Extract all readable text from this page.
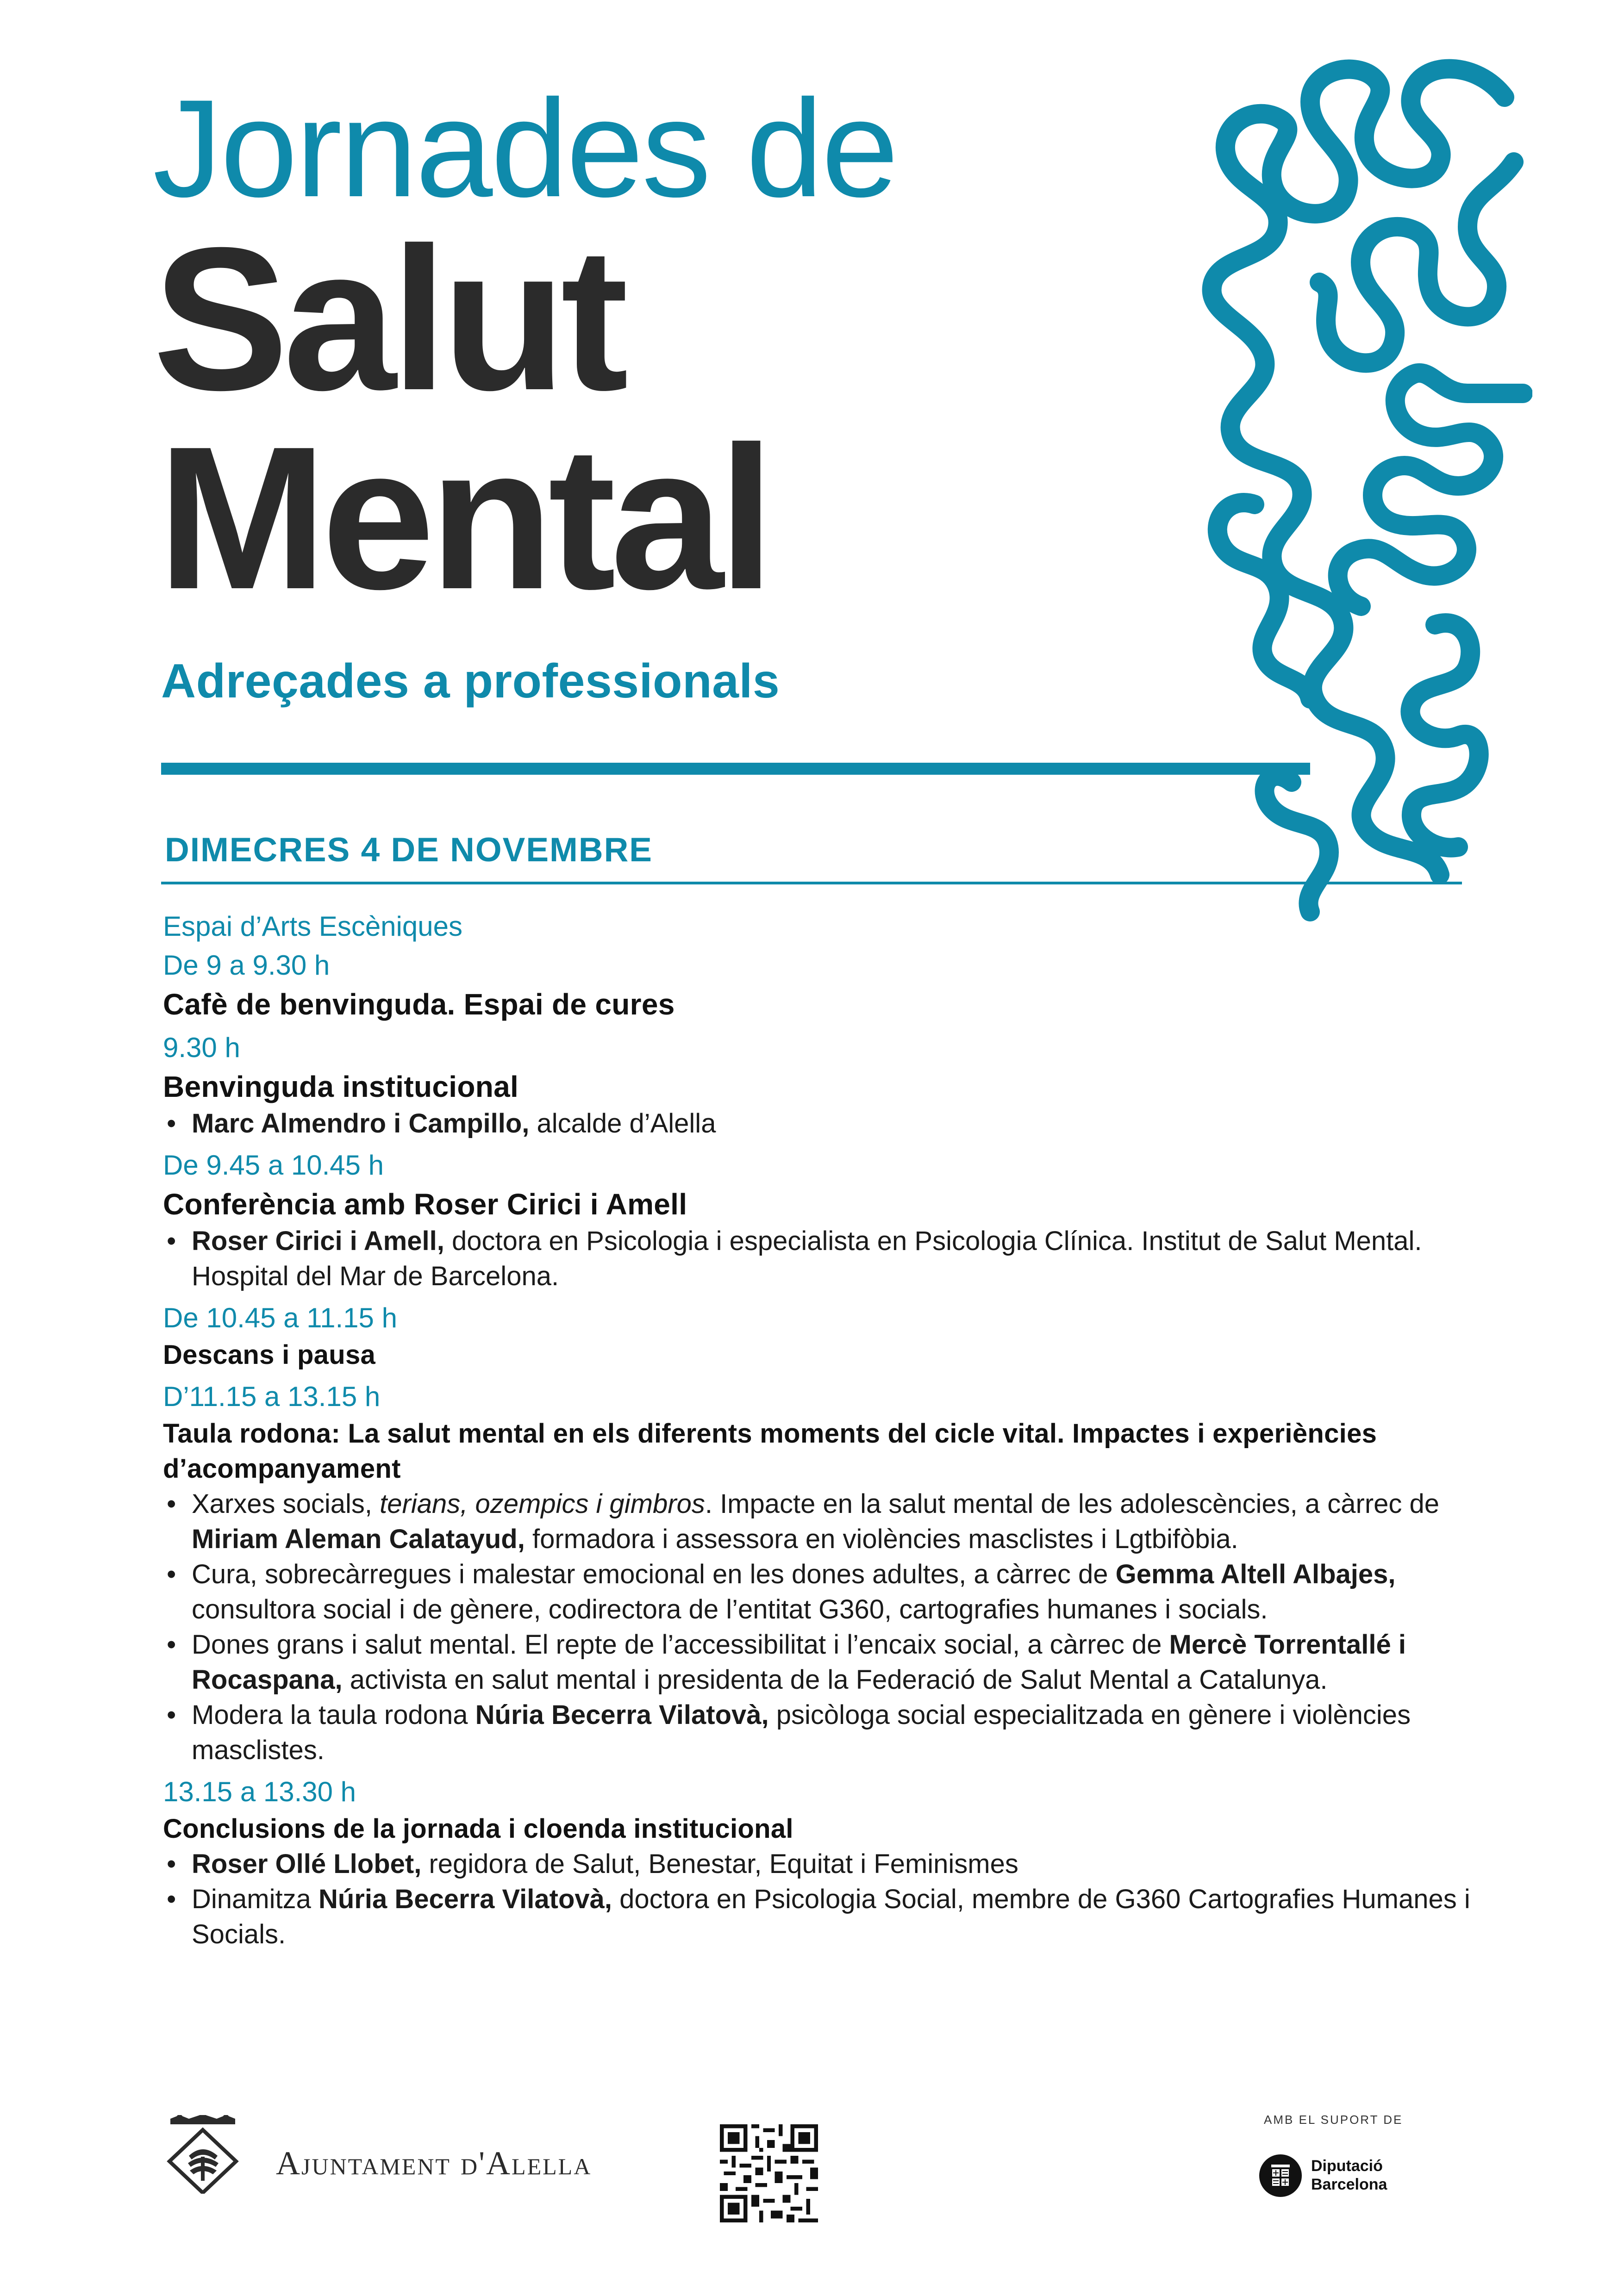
Jornades de
Salut
Mental
Adreçades a professionals
DIMECRES 4 DE NOVEMBRE
Espai d’Arts Escèniques
De 9 a 9.30 h
Cafè de benvinguda. Espai de cures
9.30 h
Benvinguda institucional
• Marc Almendro i Campillo, alcalde d’Alella
De 9.45 a 10.45 h
Conferència amb Roser Cirici i Amell
• Roser Cirici i Amell, doctora en Psicologia i especialista en Psicologia Clínica. Institut de Salut Mental. Hospital del Mar de Barcelona.
De 10.45 a 11.15 h
Descans i pausa
D’11.15 a 13.15 h
Taula rodona: La salut mental en els diferents moments del cicle vital. Impactes i experiències d’acompanyament
• Xarxes socials, terians, ozempics i gimbros. Impacte en la salut mental de les adolescències, a càrrec de Miriam Aleman Calatayud, formadora i assessora en violències masclistes i Lgtbifòbia.
• Cura, sobrecàrregues i malestar emocional en les dones adultes, a càrrec de Gemma Altell Albajes, consultora social i de gènere, codirectora de l’entitat G360, cartografies humanes i socials.
• Dones grans i salut mental. El repte de l’accessibilitat i l’encaix social, a càrrec de Mercè Torrentallé i Rocaspana, activista en salut mental i presidenta de la Federació de Salut Mental a Catalunya.
• Modera la taula rodona Núria Becerra Vilatovà, psicòloga social especialitzada en gènere i violències masclistes.
13.15 a 13.30 h
Conclusions de la jornada i cloenda institucional
• Roser Ollé Llobet, regidora de Salut, Benestar, Equitat i Feminismes
• Dinamitza Núria Becerra Vilatovà, doctora en Psicologia Social, membre de G360 Cartografies Humanes i Socials.
Ajuntament d'Alella
AMB EL SUPORT DE
Diputació
Barcelona
